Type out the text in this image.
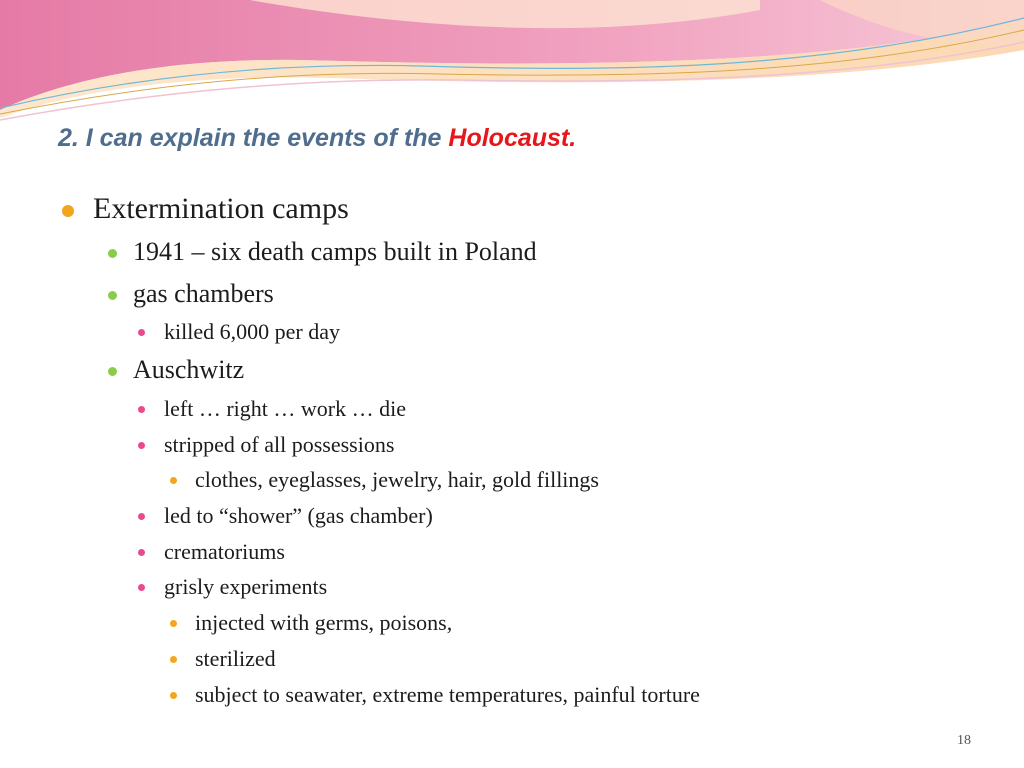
2. I can explain the events of the Holocaust.
Extermination camps
1941 – six death camps built in Poland
gas chambers
killed 6,000 per day
Auschwitz
left … right … work … die
stripped of all possessions
clothes, eyeglasses, jewelry, hair, gold fillings
led to “shower” (gas chamber)
crematoriums
grisly experiments
injected with germs, poisons,
sterilized
subject to seawater, extreme temperatures, painful torture
18
